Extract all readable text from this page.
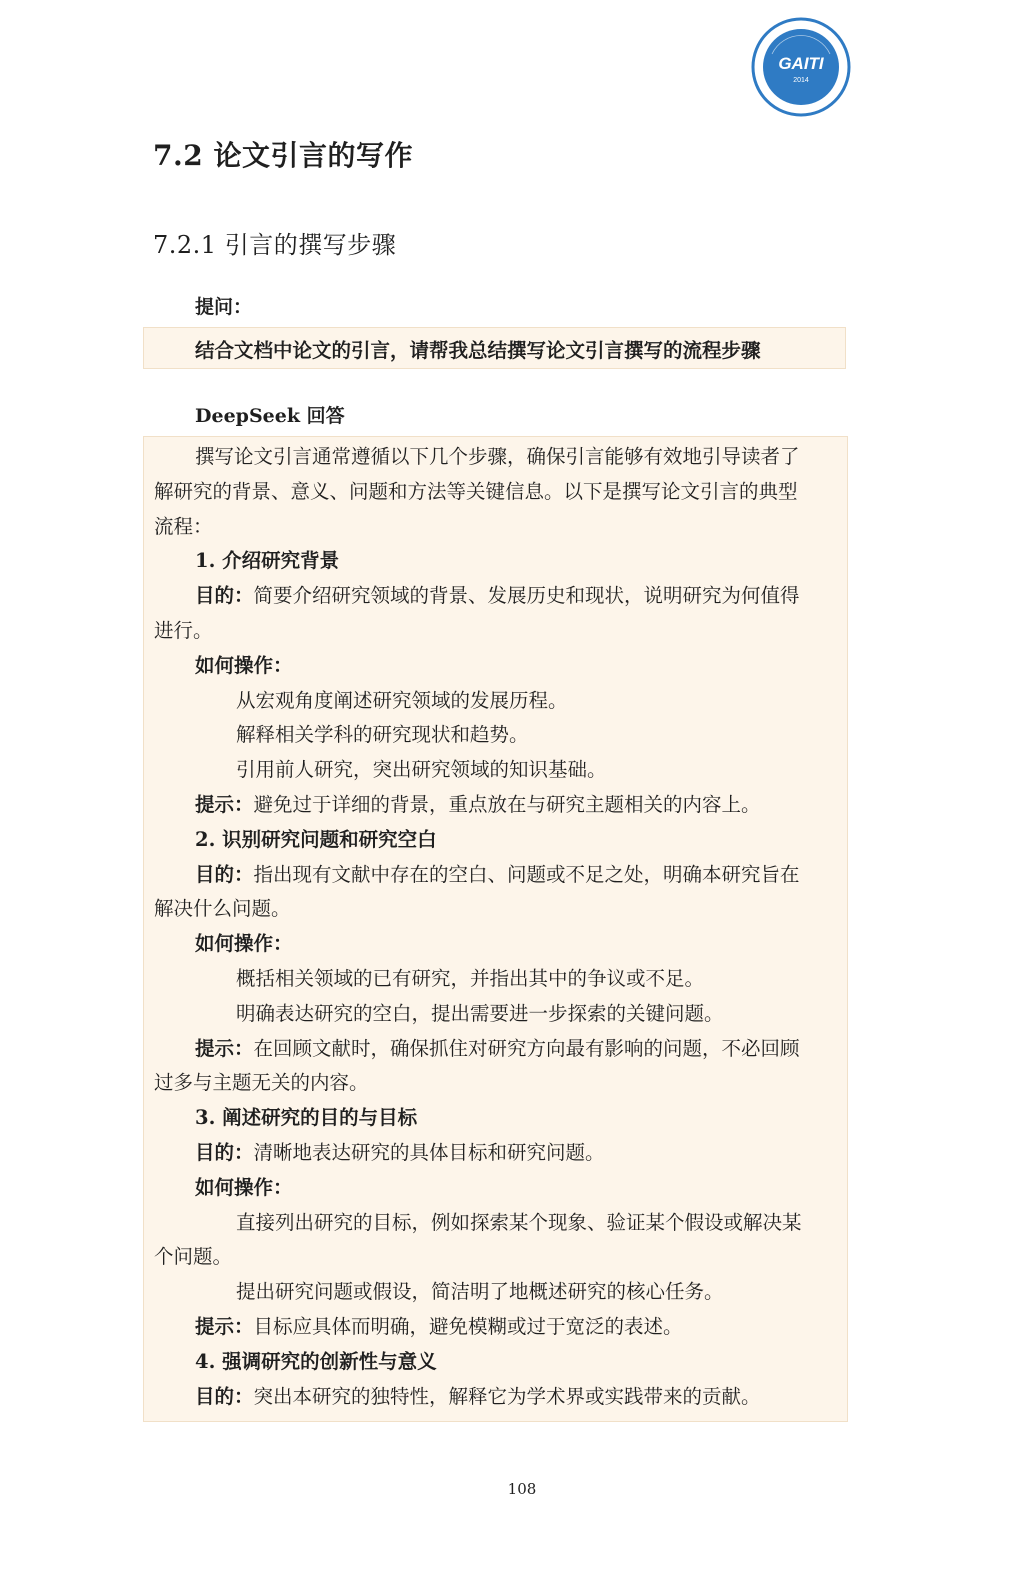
GAITI
2014
7.2 论文引言的写作
7.2.1 引言的撰写步骤
提问：
结合文档中论文的引言，请帮我总结撰写论文引言撰写的流程步骤
DeepSeek 回答

撰写论文引言通常遵循以下几个步骤，确保引言能够有效地引导读者了

解研究的背景、意义、问题和方法等关键信息。以下是撰写论文引言的典型

流程：

1. 介绍研究背景

目的：简要介绍研究领域的背景、发展历史和现状，说明研究为何值得

进行。

如何操作：

从宏观角度阐述研究领域的发展历程。

解释相关学科的研究现状和趋势。

引用前人研究，突出研究领域的知识基础。

提示：避免过于详细的背景，重点放在与研究主题相关的内容上。

2. 识别研究问题和研究空白

目的：指出现有文献中存在的空白、问题或不足之处，明确本研究旨在

解决什么问题。

如何操作：

概括相关领域的已有研究，并指出其中的争议或不足。

明确表达研究的空白，提出需要进一步探索的关键问题。

提示：在回顾文献时，确保抓住对研究方向最有影响的问题，不必回顾

过多与主题无关的内容。

3. 阐述研究的目的与目标

目的：清晰地表达研究的具体目标和研究问题。

如何操作：

直接列出研究的目标，例如探索某个现象、验证某个假设或解决某

个问题。

提出研究问题或假设，简洁明了地概述研究的核心任务。

提示：目标应具体而明确，避免模糊或过于宽泛的表述。

4. 强调研究的创新性与意义

目的：突出本研究的独特性，解释它为学术界或实践带来的贡献。

108
